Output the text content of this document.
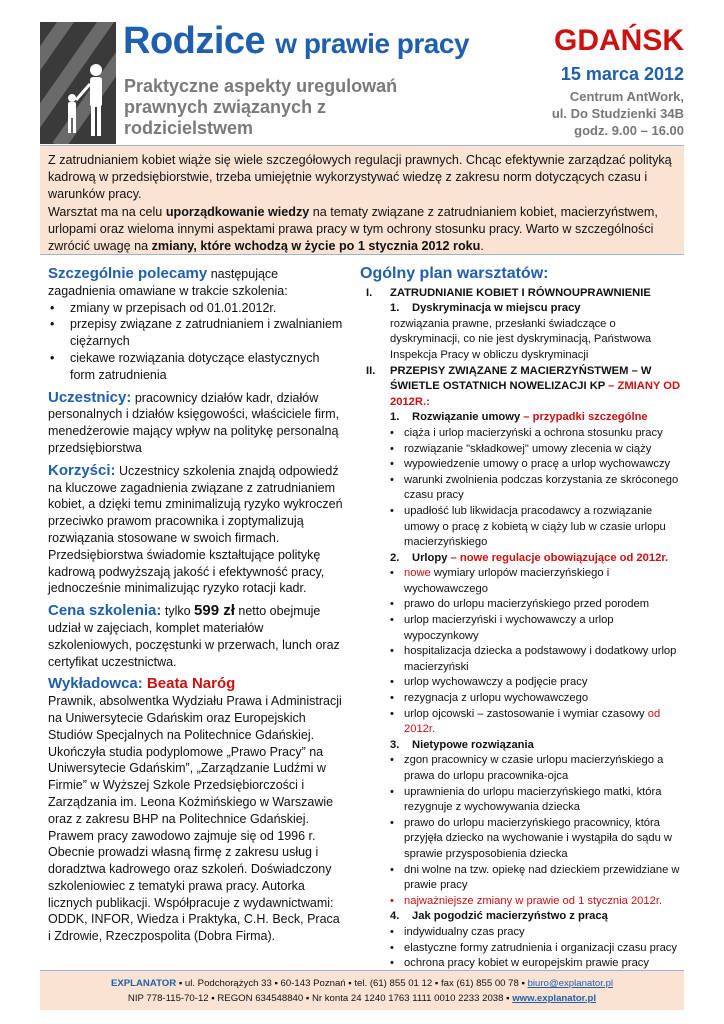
Rodzice w prawie pracy
Praktyczne aspekty uregulowań prawnych związanych z rodzicielstwem
GDAŃSK
15 marca 2012
Centrum AntWork,
ul. Do Studzienki 34B
godz. 9.00 – 16.00

Z zatrudnianiem kobiet wiąże się wiele szczegółowych regulacji prawnych. Chcąc efektywnie zarządzać polityką kadrową w przedsiębiorstwie, trzeba umiejętnie wykorzystywać wiedzę z zakresu norm dotyczących czasu i warunków pracy.

Warsztat ma na celu uporządkowanie wiedzy na tematy związane z zatrudnianiem kobiet, macierzyństwem, urlopami oraz wieloma innymi aspektami prawa pracy w tym ochrony stosunku pracy. Warto w szczególności zwrócić uwagę na zmiany, które wchodzą w życie po 1 stycznia 2012 roku.

Szczególnie polecamy następujące zagadnienia omawiane w trakcie szkolenia:

• zmiany w przepisach od 01.01.2012r.
• przepisy związane z zatrudnianiem i zwalnianiem ciężarnych
• ciekawe rozwiązania dotyczące elastycznych form zatrudnienia

Uczestnicy: pracownicy działów kadr, działów personalnych i działów księgowości, właściciele firm, menedżerowie mający wpływ na politykę personalną przedsiębiorstwa

Korzyści: Uczestnicy szkolenia znajdą odpowiedź na kluczowe zagadnienia związane z zatrudnianiem kobiet, a dzięki temu zminimalizują ryzyko wykroczeń przeciwko prawom pracownika i zoptymalizują rozwiązania stosowane w swoich firmach. Przedsiębiorstwa świadomie kształtujące politykę kadrową podwyższają jakość i efektywność pracy, jednocześnie minimalizując ryzyko rotacji kadr.

Cena szkolenia: tylko 599 zł netto obejmuje udział w zajęciach, komplet materiałów szkoleniowych, poczęstunki w przerwach, lunch oraz certyfikat uczestnictwa.

Wykładowca: Beata Naróg

Prawnik, absolwentka Wydziału Prawa i Administracji na Uniwersytecie Gdańskim oraz Europejskich Studiów Specjalnych na Politechnice Gdańskiej. Ukończyła studia podyplomowe „Prawo Pracy” na Uniwersytecie Gdańskim”, „Zarządzanie Ludźmi w Firmie” w Wyższej Szkole Przedsiębiorczości i Zarządzania im. Leona Koźmińskiego w Warszawie oraz z zakresu BHP na Politechnice Gdańskiej. Prawem pracy zawodowo zajmuje się od 1996 r. Obecnie prowadzi własną firmę z zakresu usług i doradztwa kadrowego oraz szkoleń. Doświadczony szkoleniowiec z tematyki prawa pracy. Autorka licznych publikacji. Współpracuje z wydawnictwami: ODDK, INFOR, Wiedza i Praktyka, C.H. Beck, Praca i Zdrowie, Rzeczpospolita (Dobra Firma).

Ogólny plan warsztatów:
I. ZATRUDNIANIE KOBIET I RÓWNOUPRAWNIENIE
1.	Dyskryminacja w miejscu pracy
rozwiązania prawne, przesłanki świadczące o dyskryminacji, co nie jest dyskryminacją, Państwowa Inspekcja Pracy w obliczu dyskryminacji
II. PRZEPISY ZWIĄZANE Z MACIERZYŃSTWEM – W ŚWIETLE OSTATNICH NOWELIZACJI KP – ZMIANY OD 2012R.:
1.	Rozwiązanie umowy – przypadki szczególne
• ciąża i urlop macierzyński a ochrona stosunku pracy
• rozwiązanie "składkowej" umowy zlecenia w ciąży
• wypowiedzenie umowy o pracę a urlop wychowawczy
• warunki zwolnienia podczas korzystania ze skróconego czasu pracy
• upadłość lub likwidacja pracodawcy a rozwiązanie umowy o pracę z kobietą w ciąży lub w czasie urlopu macierzyńskiego
2.	Urlopy – nowe regulacje obowiązujące od 2012r.
• nowe wymiary urlopów macierzyńskiego i wychowawczego
• prawo do urlopu macierzyńskiego przed porodem
• urlop macierzyński i wychowawczy a urlop wypoczynkowy
• hospitalizacja dziecka a podstawowy i dodatkowy urlop macierzyński
• urlop wychowawczy a podjęcie pracy
• rezygnacja z urlopu wychowawczego
• urlop ojcowski – zastosowanie i wymiar czasowy od 2012r.
3.	Nietypowe rozwiązania
• zgon pracownicy w czasie urlopu macierzyńskiego a prawa do urlopu pracownika-ojca
• uprawnienia do urlopu macierzyńskiego matki, która rezygnuje z wychowywania dziecka
• prawo do urlopu macierzyńskiego pracownicy, która przyjęła dziecko na wychowanie i wystąpiła do sądu w sprawie przysposobienia dziecka
• dni wolne na tzw. opiekę nad dzieckiem przewidziane w prawie pracy
• najważniejsze zmiany w prawie od 1 stycznia 2012r.
4.	Jak pogodzić macierzyństwo z pracą
• indywidualny czas pracy
• elastyczne formy zatrudnienia i organizacji czasu pracy
• ochrona pracy kobiet w europejskim prawie pracy
EXPLANATOR ▪ ul. Podchorążych 33 ▪ 60-143 Poznań ▪ tel. (61) 855 01 12 ▪ fax (61) 855 00 78 ▪ biuro@explanator.pl
NIP 778-115-70-12 ▪ REGON 634548840 ▪ Nr konta 24 1240 1763 1111 0010 2233 2038 ▪ www.explanator.pl
